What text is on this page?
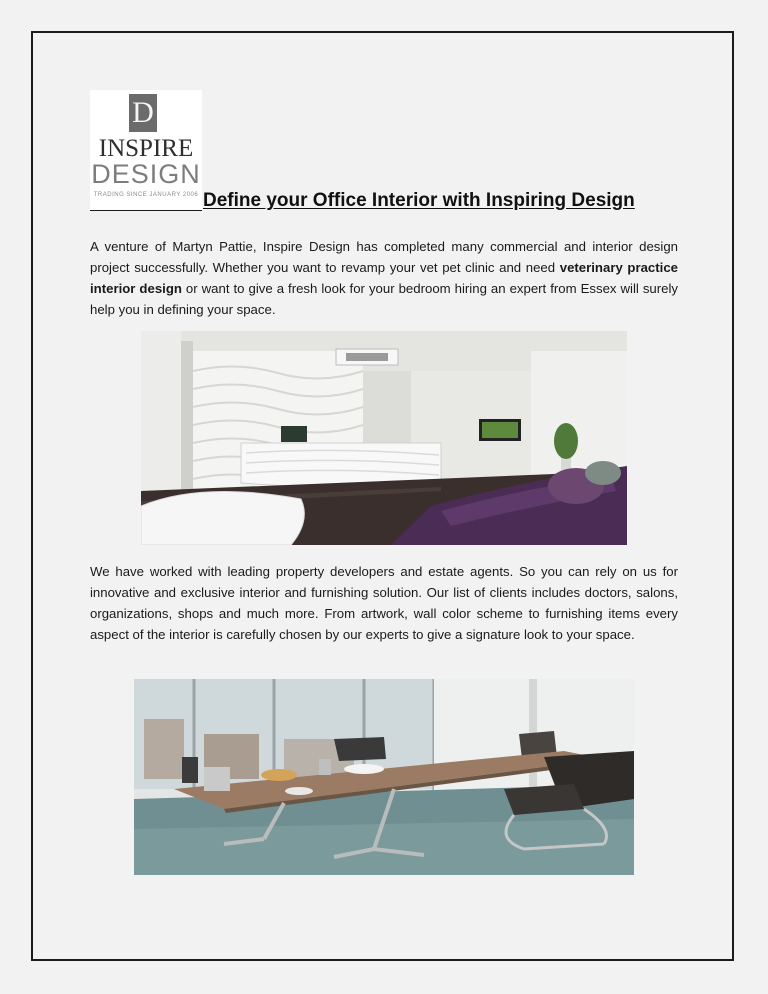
D
INSPIRE
DESIGN
TRADING SINCE JANUARY 2006 Define your Office Interior with Inspiring Design
A venture of Martyn Pattie, Inspire Design has completed many commercial and interior design project successfully. Whether you want to revamp your vet pet clinic and need veterinary practice interior design or want to give a fresh look for your bedroom hiring an expert from Essex will surely help you in defining your space.
We have worked with leading property developers and estate agents. So you can rely on us for innovative and exclusive interior and furnishing solution. Our list of clients includes doctors, salons, organizations, shops and much more. From artwork, wall color scheme to furnishing items every aspect of the interior is carefully chosen by our experts to give a signature look to your space.
